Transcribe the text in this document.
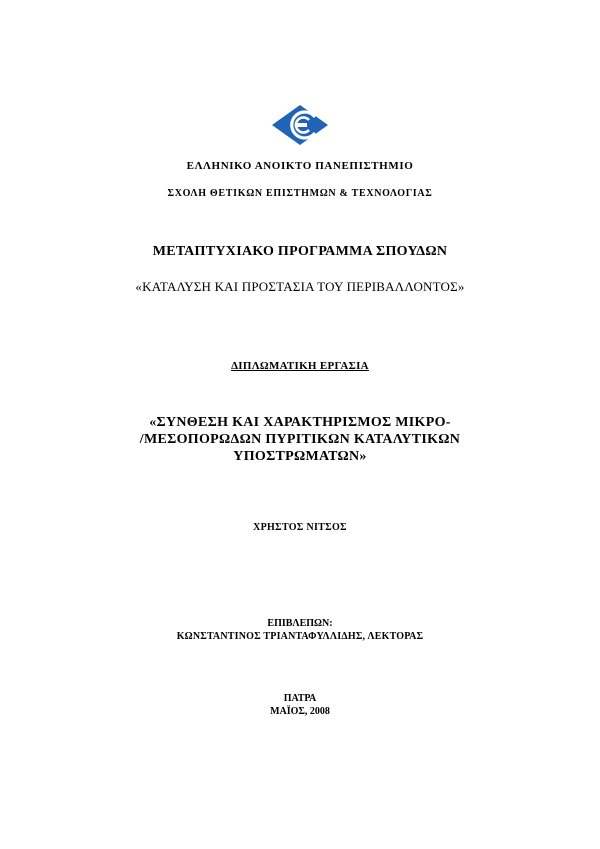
ΕΛΛΗΝΙΚΟ ΑΝΟΙΚΤΟ ΠΑΝΕΠΙΣΤΗΜΙΟ
ΣΧΟΛΗ ΘΕΤΙΚΩΝ ΕΠΙΣΤΗΜΩΝ & ΤΕΧΝΟΛΟΓΙΑΣ
ΜΕΤΑΠΤΥΧΙΑΚΟ ΠΡΟΓΡΑΜΜΑ ΣΠΟΥΔΩΝ
«ΚΑΤΑΛΥΣΗ ΚΑΙ ΠΡΟΣΤΑΣΙΑ ΤΟΥ ΠΕΡΙΒΑΛΛΟΝΤΟΣ»
ΔΙΠΛΩΜΑΤΙΚΗ ΕΡΓΑΣΙΑ
«ΣΥΝΘΕΣΗ ΚΑΙ ΧΑΡΑΚΤΗΡΙΣΜΟΣ ΜΙΚΡΟ-
/ΜΕΣΟΠΟΡΩΔΩΝ ΠΥΡΙΤΙΚΩΝ ΚΑΤΑΛΥΤΙΚΩΝ
ΥΠΟΣΤΡΩΜΑΤΩΝ»
ΧΡΗΣΤΟΣ ΝΙΤΣΟΣ
ΕΠΙΒΛΕΠΩΝ:
ΚΩΝΣΤΑΝΤΙΝΟΣ ΤΡΙΑΝΤΑΦΥΛΛΙΔΗΣ, ΛΕΚΤΟΡΑΣ
ΠΑΤΡΑ
ΜΑΪΟΣ, 2008
